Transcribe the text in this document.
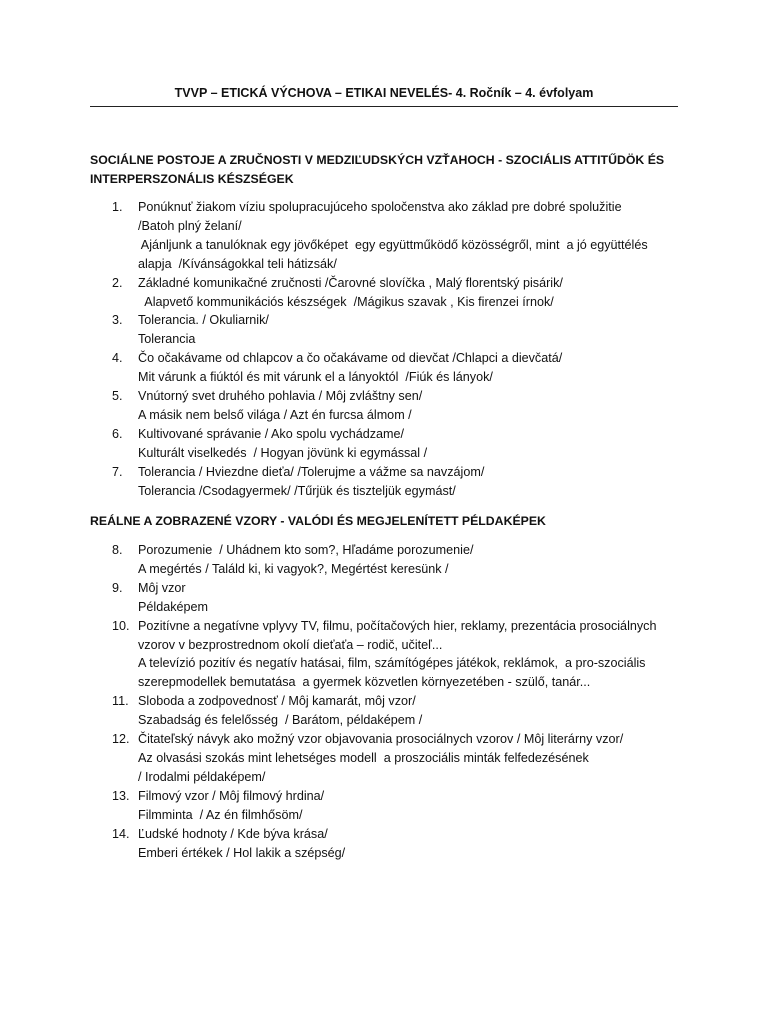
TVVP – ETICKÁ VÝCHOVA – ETIKAI NEVELÉS- 4. Ročník – 4. évfolyam
SOCIÁLNE POSTOJE A ZRUČNOSTI V MEDZIĽUDSKÝCH VZŤAHOCH - SZOCIÁLIS ATTITŰDÖK ÉS
INTERPERSZONÁLIS KÉSZSÉGEK
1. Ponúknuť žiakom víziu spolupracujúceho spoločenstva ako základ pre dobré spolužitie
/Batoh plný želaní/
Ajánljunk a tanulóknak egy jövőképet  egy együttműködő közösségről, mint  a jó együttélés
alapja  /Kívánságokkal teli hátizsák/
2. Základné komunikačné zručnosti /Čarovné slovíčka , Malý florentský pisárik/
Alapvető kommunikációs készségek  /Mágikus szavak , Kis firenzei írnok/
3. Tolerancia. / Okuliarnik/
Tolerancia
4. Čo očakávame od chlapcov a čo očakávame od dievčat /Chlapci a dievčatá/
Mit várunk a fiúktól és mit várunk el a lányoktól  /Fiúk és lányok/
5. Vnútorný svet druhého pohlavia / Môj zvláštny sen/
A másik nem belső világa / Azt én furcsa álmom /
6. Kultivované správanie / Ako spolu vychádzame/
Kulturált viselkedés  / Hogyan jövünk ki egymással /
7. Tolerancia / Hviezdne dieťa/ /Tolerujme a vážme sa navzájom/
Tolerancia /Csodagyermek/ /Tűrjük és tiszteljük egymást/
REÁLNE A ZOBRAZENÉ VZORY - VALÓDI ÉS MEGJELENÍTETT PÉLDAKÉPEK
8. Porozumenie  / Uhádnem kto som?, Hľadáme porozumenie/
A megértés / Találd ki, ki vagyok?, Megértést keresünk /
9. Môj vzor
Példaképem
10. Pozitívne a negatívne vplyvy TV, filmu, počítačových hier, reklamy, prezentácia prosociálnych
vzorov v bezprostrednom okolí dieťaťa – rodič, učiteľ...
A televízió pozitív és negatív hatásai, film, számítógépes játékok, reklámok,  a pro-szociális
szerepmodellek bemutatása  a gyermek közvetlen környezetében - szülő, tanár...
11. Sloboda a zodpovednosť / Môj kamarát, môj vzor/
Szabadság és felelősség  / Barátom, példaképem /
12. Čitateľský návyk ako možný vzor objavovania prosociálnych vzorov / Môj literárny vzor/
Az olvasási szokás mint lehetséges modell  a proszociális minták felfedezésének
/ Irodalmi példaképem/
13. Filmový vzor / Môj filmový hrdina/
Filmminta  / Az én filmhősöm/
14. Ľudské hodnoty / Kde býva krása/
Emberi értékek / Hol lakik a szépség/
